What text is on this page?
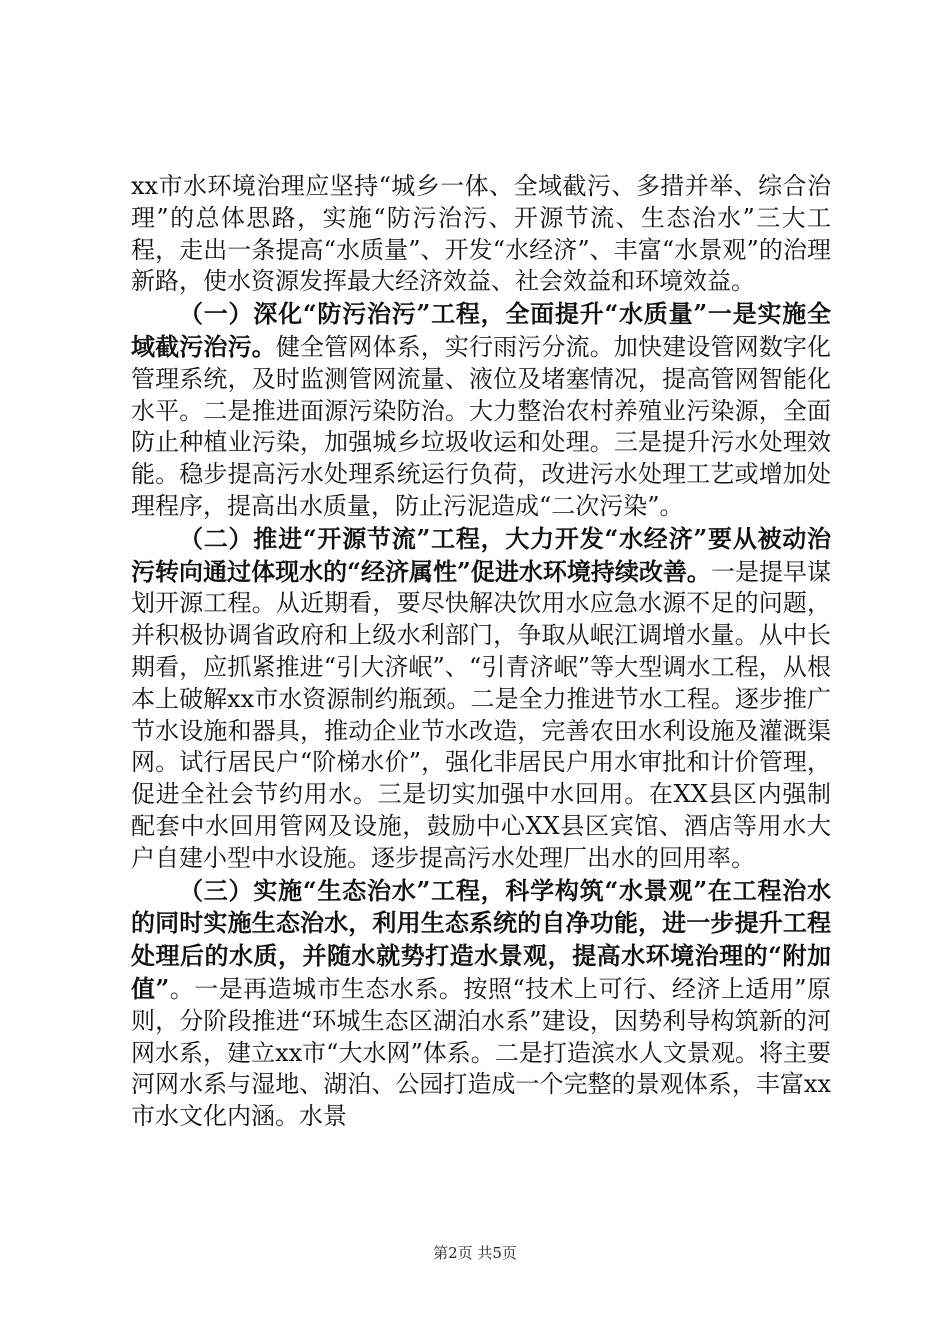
xx市水环境治理应坚持“城乡一体、全域截污、多措并举、综合治理”的总体思路，实施“防污治污、开源节流、生态治水”三大工程，走出一条提高“水质量”、开发“水经济”、丰富“水景观”的治理新路，使水资源发挥最大经济效益、社会效益和环境效益。

（一）深化“防污治污”工程，全面提升“水质量”一是实施全域截污治污。健全管网体系，实行雨污分流。加快建设管网数字化管理系统，及时监测管网流量、液位及堵塞情况，提高管网智能化水平。二是推进面源污染防治。大力整治农村养殖业污染源，全面防止种植业污染，加强城乡垃圾收运和处理。三是提升污水处理效能。稳步提高污水处理系统运行负荷，改进污水处理工艺或增加处理程序，提高出水质量，防止污泥造成“二次污染”。

（二）推进“开源节流”工程，大力开发“水经济”要从被动治污转向通过体现水的“经济属性”促进水环境持续改善。一是提早谋划开源工程。从近期看，要尽快解决饮用水应急水源不足的问题，并积极协调省政府和上级水利部门，争取从岷江调增水量。从中长期看，应抓紧推进“引大济岷”、“引青济岷”等大型调水工程，从根本上破解xx市水资源制约瓶颈。二是全力推进节水工程。逐步推广节水设施和器具，推动企业节水改造，完善农田水利设施及灌溉渠网。试行居民户“阶梯水价”，强化非居民户用水审批和计价管理，促进全社会节约用水。三是切实加强中水回用。在XX县区内强制配套中水回用管网及设施，鼓励中心XX县区宾馆、酒店等用水大户自建小型中水设施。逐步提高污水处理厂出水的回用率。

（三）实施“生态治水”工程，科学构筑“水景观”在工程治水的同时实施生态治水，利用生态系统的自净功能，进一步提升工程处理后的水质，并随水就势打造水景观，提高水环境治理的“附加值”。一是再造城市生态水系。按照“技术上可行、经济上适用”原则，分阶段推进“环城生态区湖泊水系”建设，因势利导构筑新的河网水系，建立xx市“大水网”体系。二是打造滨水人文景观。将主要河网水系与湿地、湖泊、公园打造成一个完整的景观体系，丰富xx市水文化内涵。水景

第2页 共5页
